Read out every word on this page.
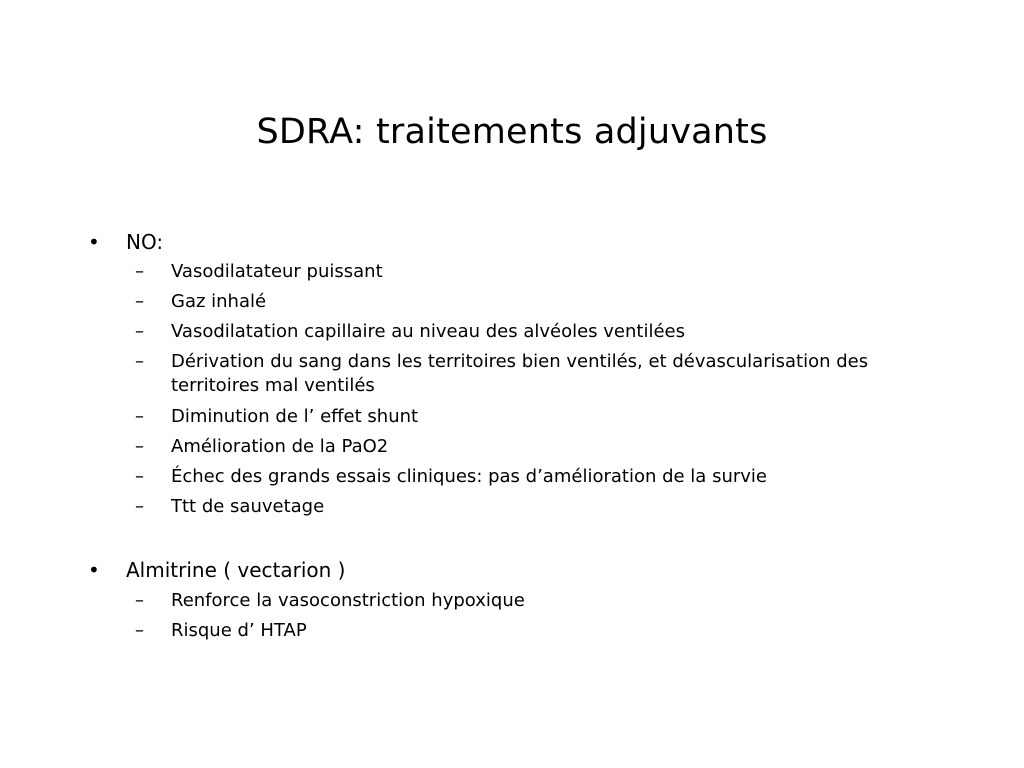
SDRA: traitements adjuvants
• NO:
– Vasodilatateur puissant
– Gaz inhalé
– Vasodilatation capillaire au niveau des alvéoles ventilées
– Dérivation du sang dans les territoires bien ventilés, et dévascularisation des territoires mal ventilés
– Diminution de l’ effet shunt
– Amélioration de la PaO2
– Échec des grands essais cliniques: pas d’amélioration de la survie
– Ttt de sauvetage
• Almitrine ( vectarion )
– Renforce la vasoconstriction hypoxique
– Risque d’ HTAP
